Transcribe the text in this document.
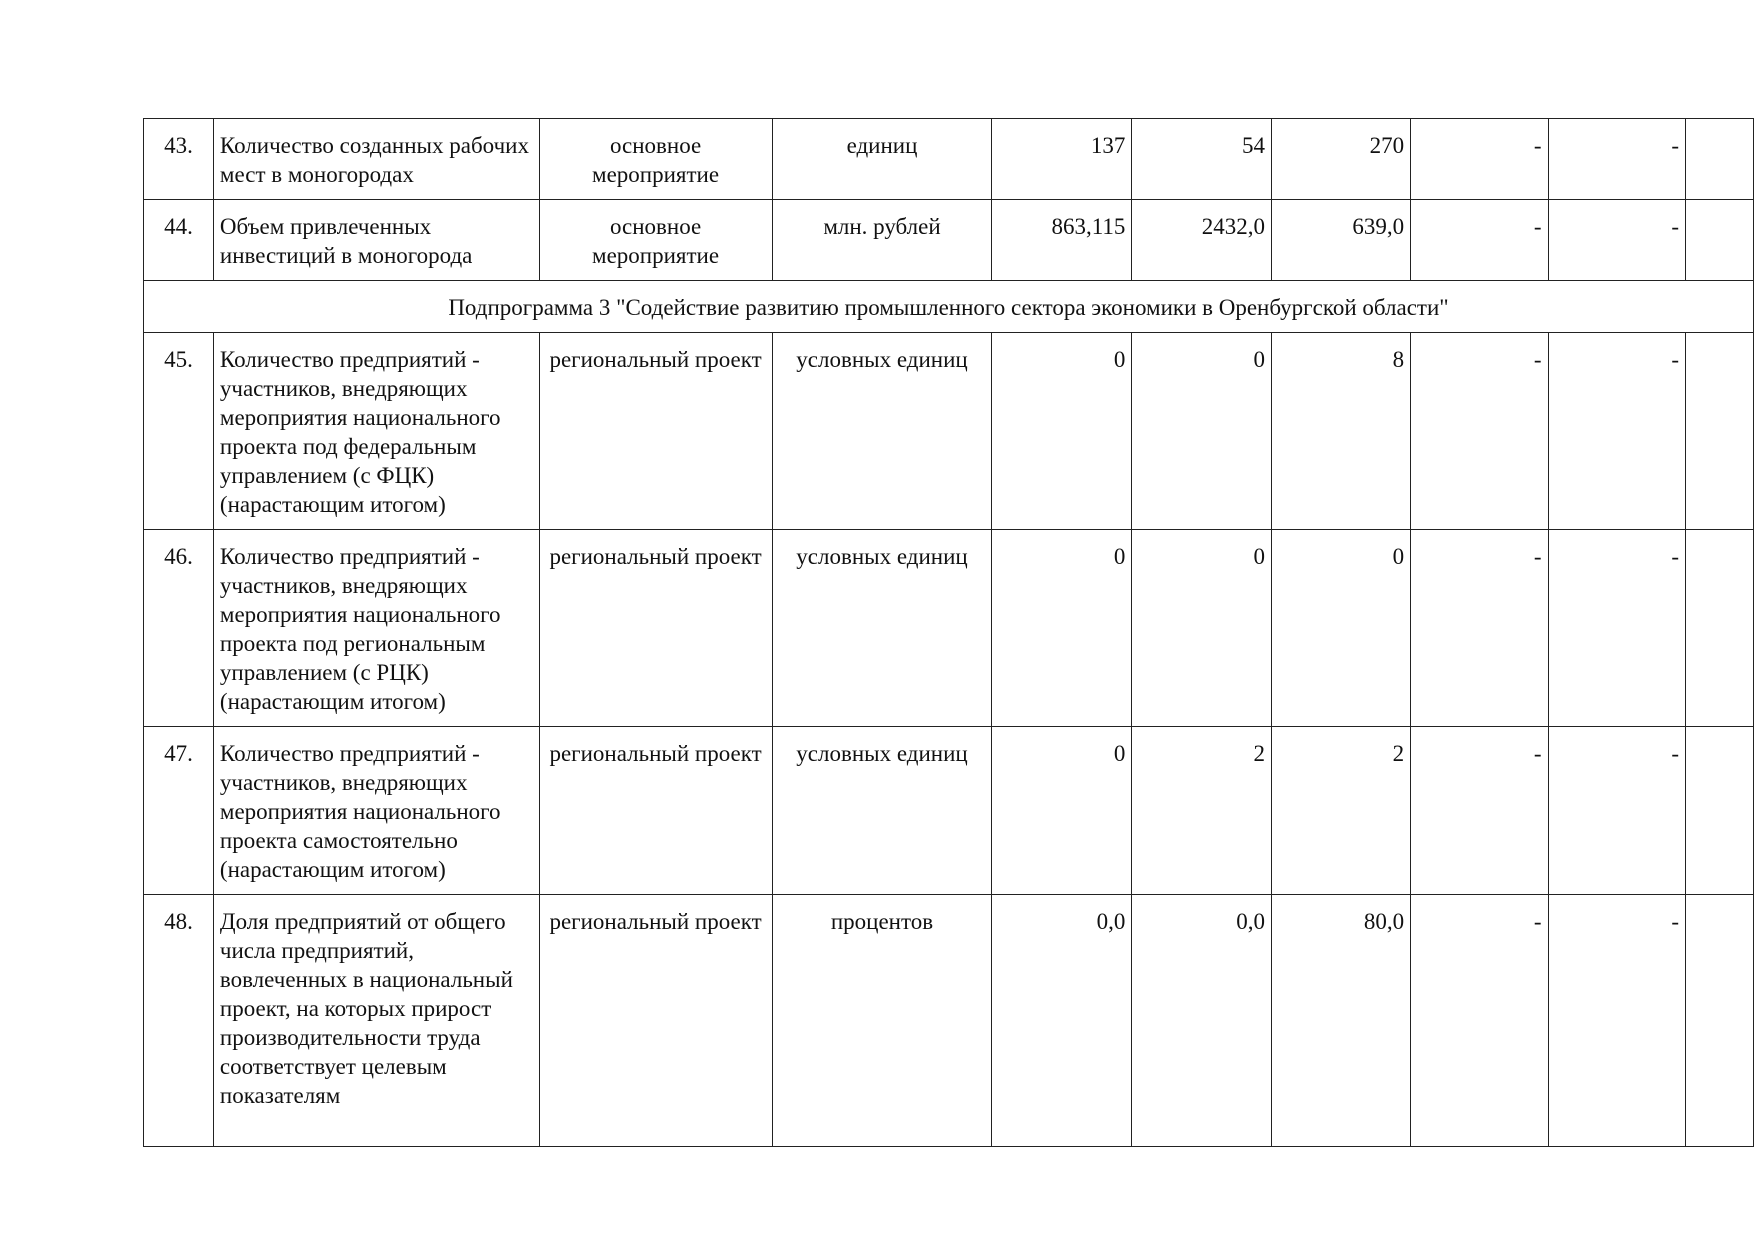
43.	Количество созданных рабочих мест в моногородах	основное мероприятие	единиц	137	54	270	-	-	
44.	Объем привлеченных инвестиций в моногорода	основное мероприятие	млн. рублей	863,115	2432,0	639,0	-	-	
Подпрограмма 3 "Содействие развитию промышленного сектора экономики в Оренбургской области"									
45.	Количество предприятий - участников, внедряющих мероприятия национального проекта под федеральным управлением (с ФЦК) (нарастающим итогом)	региональный проект	условных единиц	0	0	8	-	-	
46.	Количество предприятий - участников, внедряющих мероприятия национального проекта под региональным управлением (с РЦК) (нарастающим итогом)	региональный проект	условных единиц	0	0	0	-	-	
47.	Количество предприятий - участников, внедряющих мероприятия национального проекта самостоятельно (нарастающим итогом)	региональный проект	условных единиц	0	2	2	-	-	
48.	Доля предприятий от общего числа предприятий, вовлеченных в национальный проект, на которых прирост производительности труда соответствует целевым показателям	региональный проект	процентов	0,0	0,0	80,0	-	-	
